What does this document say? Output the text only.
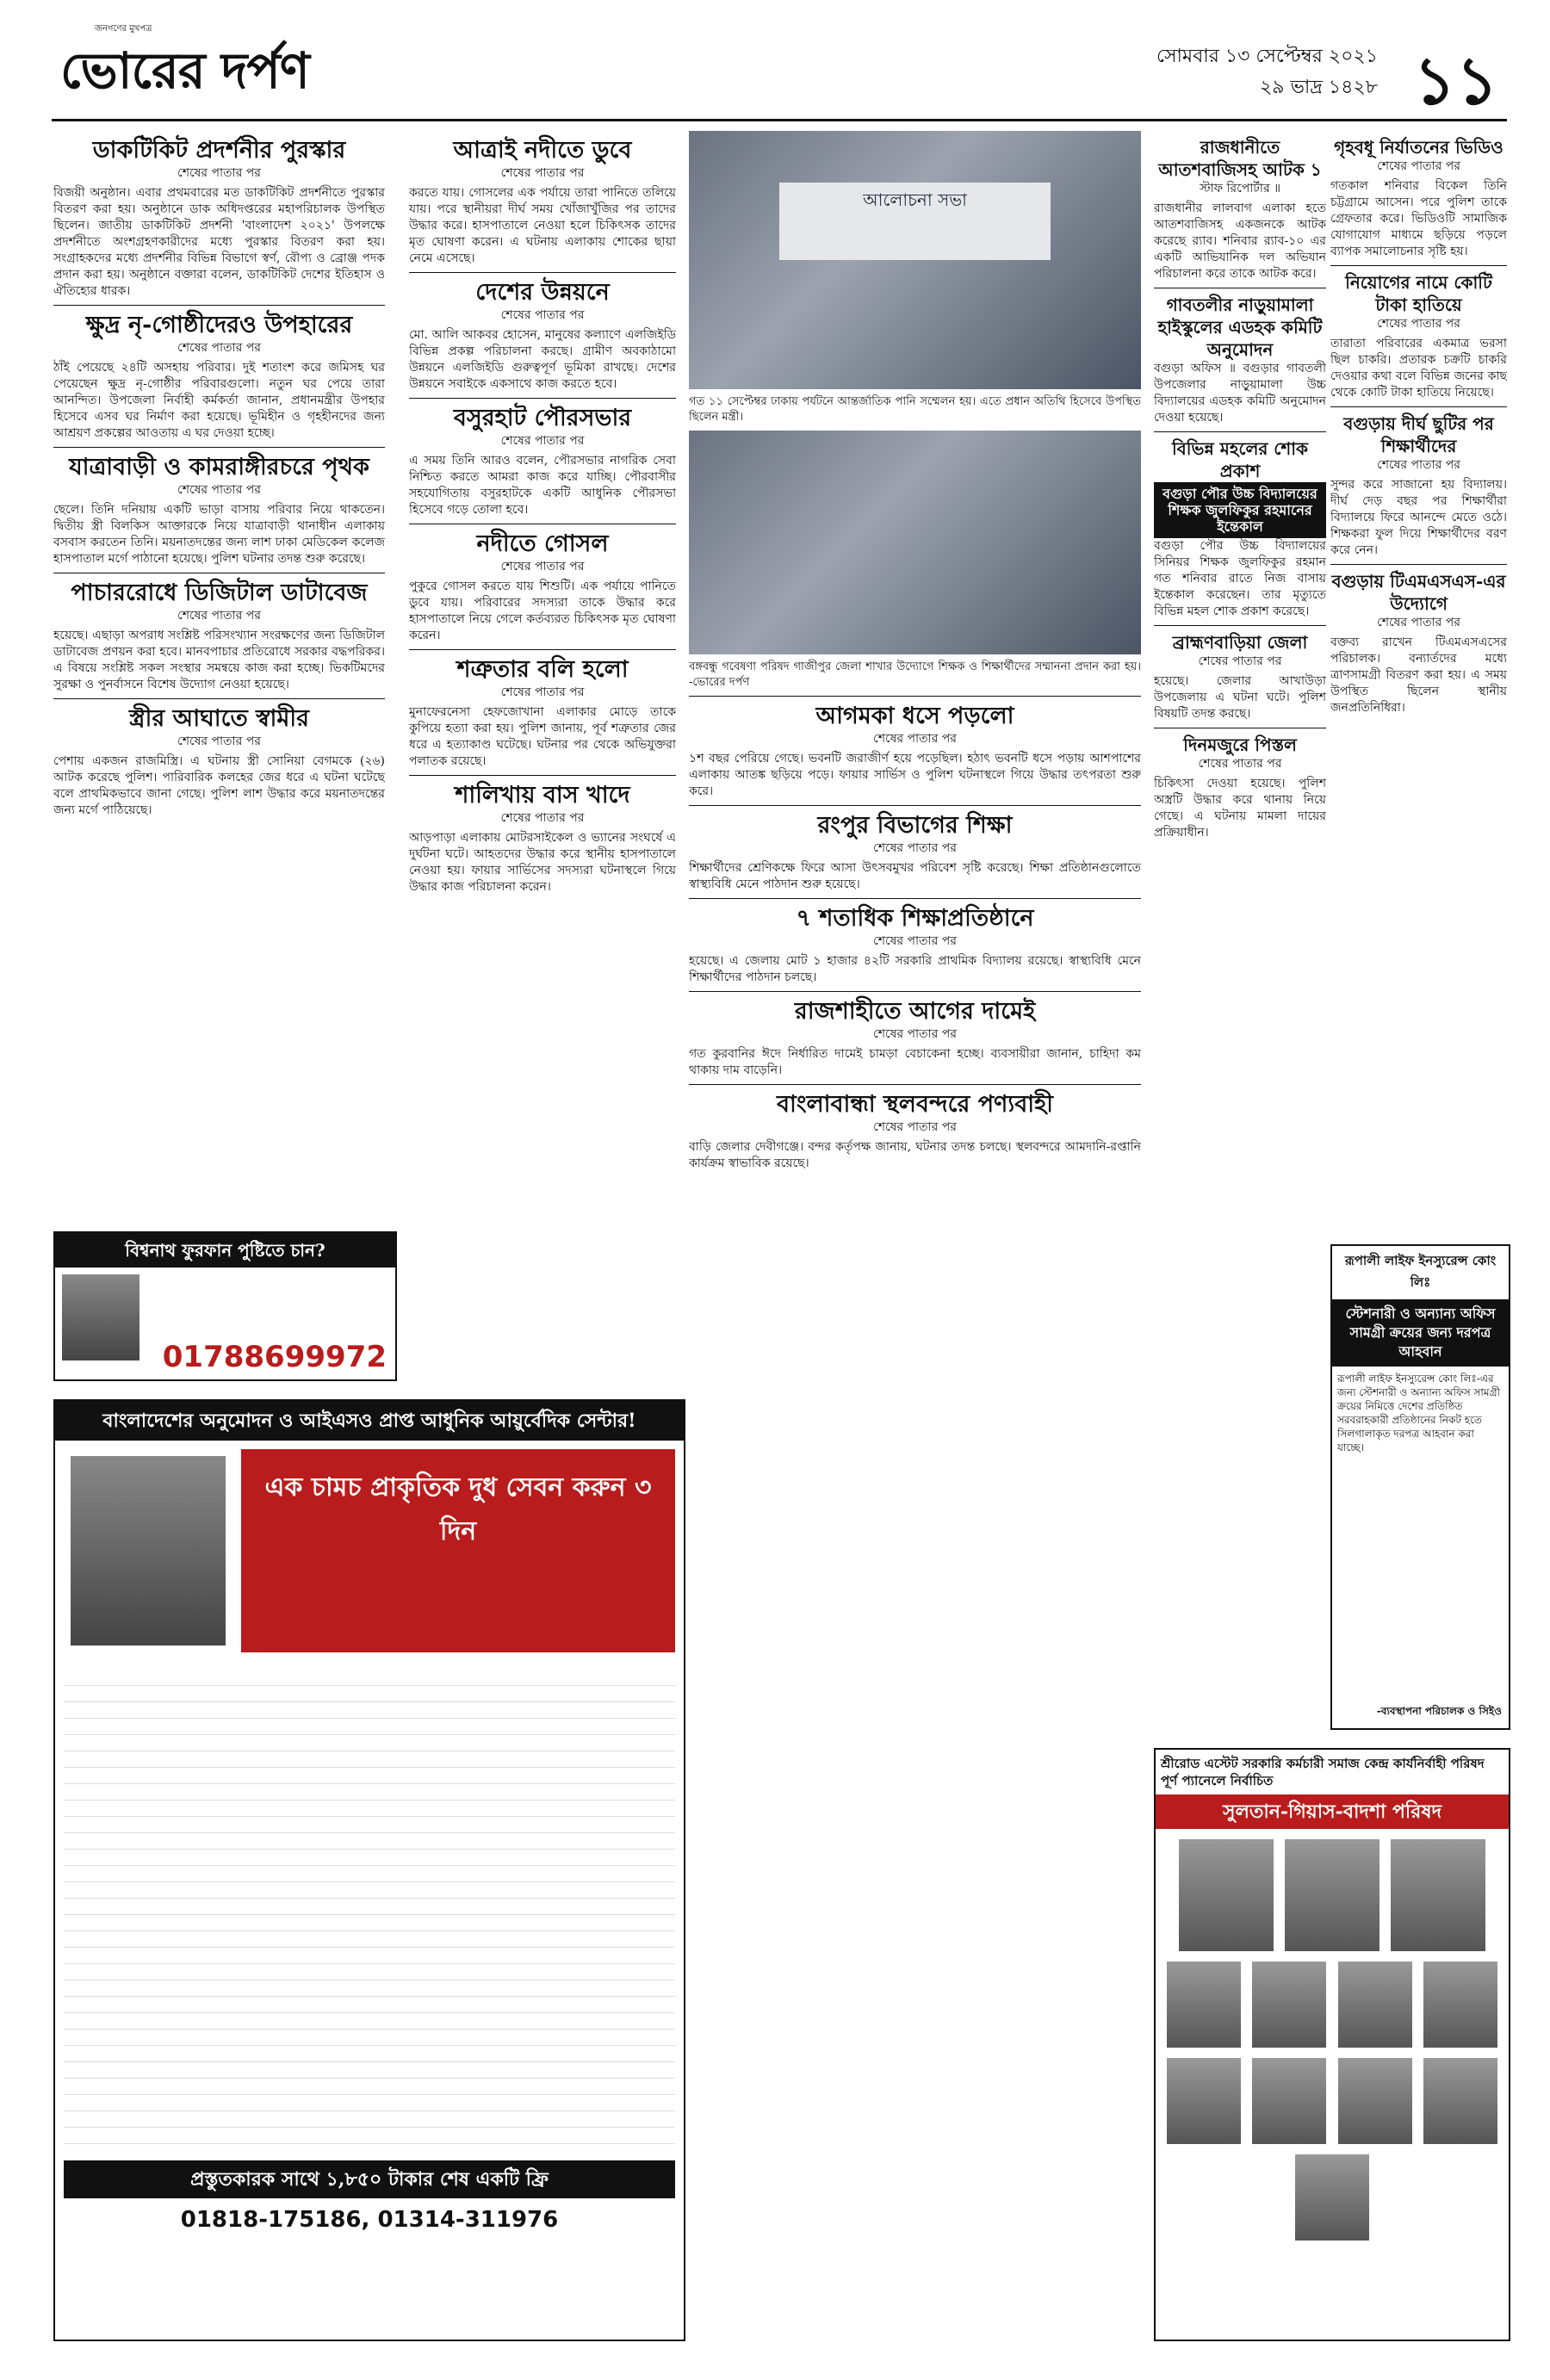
জনগণের মুখপত্র
ভোরের দর্পণ	সোমবার ১৩ সেপ্টেম্বর ২০২১
২৯ ভাদ্র ১৪২৮ ১১
ডাকটিকিট প্রদর্শনীর পুরস্কার
শেষের পাতার পর

বিজয়ী অনুষ্ঠান। এবার প্রথমবারের মত ডাকটিকিট প্রদর্শনীতে পুরস্কার বিতরণ করা হয়। অনুষ্ঠানে ডাক অধিদপ্তরের মহাপরিচালক উপস্থিত ছিলেন। জাতীয় ডাকটিকিট প্রদর্শনী 'বাংলাদেশ ২০২১' উপলক্ষে প্রদর্শনীতে অংশগ্রহণকারীদের মধ্যে পুরস্কার বিতরণ করা হয়। সংগ্রাহকদের মধ্যে প্রদর্শনীর বিভিন্ন বিভাগে স্বর্ণ, রৌপ্য ও ব্রোঞ্জ পদক প্রদান করা হয়। অনুষ্ঠানে বক্তারা বলেন, ডাকটিকিট দেশের ইতিহাস ও ঐতিহ্যের ধারক।

ক্ষুদ্র নৃ-গোষ্ঠীদেরও উপহারের
শেষের পাতার পর

ঠাঁই পেয়েছে ২৪টি অসহায় পরিবার। দুই শতাংশ করে জমিসহ ঘর পেয়েছেন ক্ষুদ্র নৃ-গোষ্ঠীর পরিবারগুলো। নতুন ঘর পেয়ে তারা আনন্দিত। উপজেলা নির্বাহী কর্মকর্তা জানান, প্রধানমন্ত্রীর উপহার হিসেবে এসব ঘর নির্মাণ করা হয়েছে। ভূমিহীন ও গৃহহীনদের জন্য আশ্রয়ণ প্রকল্পের আওতায় এ ঘর দেওয়া হচ্ছে।

যাত্রাবাড়ী ও কামরাঙ্গীরচরে পৃথক
শেষের পাতার পর

ছেলে। তিনি দনিয়ায় একটি ভাড়া বাসায় পরিবার নিয়ে থাকতেন। দ্বিতীয় স্ত্রী বিলকিস আক্তারকে নিয়ে যাত্রাবাড়ী থানাধীন এলাকায় বসবাস করতেন তিনি। ময়নাতদন্তের জন্য লাশ ঢাকা মেডিকেল কলেজ হাসপাতাল মর্গে পাঠানো হয়েছে। পুলিশ ঘটনার তদন্ত শুরু করেছে।

পাচাররোধে ডিজিটাল ডাটাবেজ
শেষের পাতার পর

হয়েছে। এছাড়া অপরাধ সংশ্লিষ্ট পরিসংখ্যান সংরক্ষণের জন্য ডিজিটাল ডাটাবেজ প্রণয়ন করা হবে। মানবপাচার প্রতিরোধে সরকার বদ্ধপরিকর। এ বিষয়ে সংশ্লিষ্ট সকল সংস্থার সমন্বয়ে কাজ করা হচ্ছে। ভিকটিমদের সুরক্ষা ও পুনর্বাসনে বিশেষ উদ্যোগ নেওয়া হয়েছে।

স্ত্রীর আঘাতে স্বামীর
শেষের পাতার পর

পেশায় একজন রাজমিস্ত্রি। এ ঘটনায় স্ত্রী সোনিয়া বেগমকে (২৬) আটক করেছে পুলিশ। পারিবারিক কলহের জের ধরে এ ঘটনা ঘটেছে বলে প্রাথমিকভাবে জানা গেছে। পুলিশ লাশ উদ্ধার করে ময়নাতদন্তের জন্য মর্গে পাঠিয়েছে।

বিশ্বনাথ ফুরফান পুষ্টিতে চান?
01788699972
বাংলাদেশের অনুমোদন ও আইএসও প্রাপ্ত আধুনিক আয়ুর্বেদিক সেন্টার!
এক চামচ প্রাকৃতিক দুধ সেবন করুন ৩ দিন
প্রস্তুতকারক সাথে ১,৮৫০ টাকার শেষ একটি ফ্রি
01818-175186, 01314-311976
আত্রাই নদীতে ডুবে
শেষের পাতার পর

করতে যায়। গোসলের এক পর্যায়ে তারা পানিতে তলিয়ে যায়। পরে স্থানীয়রা দীর্ঘ সময় খোঁজাখুঁজির পর তাদের উদ্ধার করে। হাসপাতালে নেওয়া হলে চিকিৎসক তাদের মৃত ঘোষণা করেন। এ ঘটনায় এলাকায় শোকের ছায়া নেমে এসেছে।

দেশের উন্নয়নে
শেষের পাতার পর

মো. আলি আকবর হোসেন, মানুষের কল্যাণে এলজিইডি বিভিন্ন প্রকল্প পরিচালনা করছে। গ্রামীণ অবকাঠামো উন্নয়নে এলজিইডি গুরুত্বপূর্ণ ভূমিকা রাখছে। দেশের উন্নয়নে সবাইকে একসাথে কাজ করতে হবে।

বসুরহাট পৌরসভার
শেষের পাতার পর

এ সময় তিনি আরও বলেন, পৌরসভার নাগরিক সেবা নিশ্চিত করতে আমরা কাজ করে যাচ্ছি। পৌরবাসীর সহযোগিতায় বসুরহাটকে একটি আধুনিক পৌরসভা হিসেবে গড়ে তোলা হবে।

নদীতে গোসল
শেষের পাতার পর

পুকুরে গোসল করতে যায় শিশুটি। এক পর্যায়ে পানিতে ডুবে যায়। পরিবারের সদস্যরা তাকে উদ্ধার করে হাসপাতালে নিয়ে গেলে কর্তব্যরত চিকিৎসক মৃত ঘোষণা করেন।

শত্রুতার বলি হলো
শেষের পাতার পর

মুনাফেরনেসা হেফজোখানা এলাকার মোড়ে তাকে কুপিয়ে হত্যা করা হয়। পুলিশ জানায়, পূর্ব শত্রুতার জের ধরে এ হত্যাকাণ্ড ঘটেছে। ঘটনার পর থেকে অভিযুক্তরা পলাতক রয়েছে।

শালিখায় বাস খাদে
শেষের পাতার পর

আড়পাড়া এলাকায় মোটরসাইকেল ও ভ্যানের সংঘর্ষে এ দুর্ঘটনা ঘটে। আহতদের উদ্ধার করে স্থানীয় হাসপাতালে নেওয়া হয়। ফায়ার সার্ভিসের সদস্যরা ঘটনাস্থলে গিয়ে উদ্ধার কাজ পরিচালনা করেন।

আলোচনা সভা
গত ১১ সেপ্টেম্বর ঢাকায় পর্যটনে আন্তর্জাতিক পানি সম্মেলন হয়। এতে প্রধান অতিথি হিসেবে উপস্থিত ছিলেন মন্ত্রী।
বঙ্গবন্ধু গবেষণা পরিষদ গাজীপুর জেলা শাখার উদ্যোগে শিক্ষক ও শিক্ষার্থীদের সম্মাননা প্রদান করা হয়। -ভোরের দর্পণ
আগমকা ধসে পড়লো
শেষের পাতার পর

১শ বছর পেরিয়ে গেছে। ভবনটি জরাজীর্ণ হয়ে পড়েছিল। হঠাৎ ভবনটি ধসে পড়ায় আশপাশের এলাকায় আতঙ্ক ছড়িয়ে পড়ে। ফায়ার সার্ভিস ও পুলিশ ঘটনাস্থলে গিয়ে উদ্ধার তৎপরতা শুরু করে।

রংপুর বিভাগের শিক্ষা
শেষের পাতার পর

শিক্ষার্থীদের শ্রেণিকক্ষে ফিরে আসা উৎসবমুখর পরিবেশ সৃষ্টি করেছে। শিক্ষা প্রতিষ্ঠানগুলোতে স্বাস্থ্যবিধি মেনে পাঠদান শুরু হয়েছে।

৭ শতাধিক শিক্ষাপ্রতিষ্ঠানে
শেষের পাতার পর

হয়েছে। এ জেলায় মোট ১ হাজার ৪২টি সরকারি প্রাথমিক বিদ্যালয় রয়েছে। স্বাস্থ্যবিধি মেনে শিক্ষার্থীদের পাঠদান চলছে।

রাজশাহীতে আগের দামেই
শেষের পাতার পর

গত কুরবানির ঈদে নির্ধারিত দামেই চামড়া বেচাকেনা হচ্ছে। ব্যবসায়ীরা জানান, চাহিদা কম থাকায় দাম বাড়েনি।

বাংলাবান্ধা স্থলবন্দরে পণ্যবাহী
শেষের পাতার পর

বাড়ি জেলার দেবীগঞ্জে। বন্দর কর্তৃপক্ষ জানায়, ঘটনার তদন্ত চলছে। স্থলবন্দরে আমদানি-রপ্তানি কার্যক্রম স্বাভাবিক রয়েছে।

রাজধানীতে আতশবাজিসহ আটক ১
স্টাফ রিপোর্টার ॥

রাজধানীর লালবাগ এলাকা হতে আতশবাজিসহ একজনকে আটক করেছে র‍্যাব। শনিবার র‍্যাব-১০ এর একটি আভিযানিক দল অভিযান পরিচালনা করে তাকে আটক করে।

গাবতলীর নাড়ুয়ামালা হাইস্কুলের এডহক কমিটি অনুমোদন

বগুড়া অফিস ॥ বগুড়ার গাবতলী উপজেলার নাড়ুয়ামালা উচ্চ বিদ্যালয়ের এডহক কমিটি অনুমোদন দেওয়া হয়েছে।

বিভিন্ন মহলের শোক প্রকাশ
বগুড়া পৌর উচ্চ বিদ্যালয়ের শিক্ষক জুলফিকুর রহমানের ইন্তেকাল

বগুড়া পৌর উচ্চ বিদ্যালয়ের সিনিয়র শিক্ষক জুলফিকুর রহমান গত শনিবার রাতে নিজ বাসায় ইন্তেকাল করেছেন। তার মৃত্যুতে বিভিন্ন মহল শোক প্রকাশ করেছে।

ব্রাহ্মণবাড়িয়া জেলা
শেষের পাতার পর

হয়েছে। জেলার আখাউড়া উপজেলায় এ ঘটনা ঘটে। পুলিশ বিষয়টি তদন্ত করছে।

দিনমজুরে পিস্তল
শেষের পাতার পর

চিকিৎসা দেওয়া হয়েছে। পুলিশ অস্ত্রটি উদ্ধার করে থানায় নিয়ে গেছে। এ ঘটনায় মামলা দায়ের প্রক্রিয়াধীন।

গৃহবধূ নির্যাতনের ভিডিও
শেষের পাতার পর

গতকাল শনিবার বিকেল তিনি চট্টগ্রামে আসেন। পরে পুলিশ তাকে গ্রেফতার করে। ভিডিওটি সামাজিক যোগাযোগ মাধ্যমে ছড়িয়ে পড়লে ব্যাপক সমালোচনার সৃষ্টি হয়।

নিয়োগের নামে কোটি টাকা হাতিয়ে
শেষের পাতার পর

তারাতা পরিবারের একমাত্র ভরসা ছিল চাকরি। প্রতারক চক্রটি চাকরি দেওয়ার কথা বলে বিভিন্ন জনের কাছ থেকে কোটি টাকা হাতিয়ে নিয়েছে।

বগুড়ায় দীর্ঘ ছুটির পর শিক্ষার্থীদের
শেষের পাতার পর

সুন্দর করে সাজানো হয় বিদ্যালয়। দীর্ঘ দেড় বছর পর শিক্ষার্থীরা বিদ্যালয়ে ফিরে আনন্দে মেতে ওঠে। শিক্ষকরা ফুল দিয়ে শিক্ষার্থীদের বরণ করে নেন।

বগুড়ায় টিএমএসএস-এর উদ্যোগে
শেষের পাতার পর

বক্তব্য রাখেন টিএমএসএসের পরিচালক। বন্যার্তদের মধ্যে ত্রাণসামগ্রী বিতরণ করা হয়। এ সময় উপস্থিত ছিলেন স্থানীয় জনপ্রতিনিধিরা।

রূপালী লাইফ ইনস্যুরেন্স কোং লিঃ
স্টেশনারী ও অন্যান্য অফিস সামগ্রী ক্রয়ের জন্য দরপত্র আহবান

রূপালী লাইফ ইনস্যুরেন্স কোং লিঃ-এর জন্য স্টেশনারী ও অন্যান্য অফিস সামগ্রী ক্রয়ের নিমিত্তে দেশের প্রতিষ্ঠিত সরবরাহকারী প্রতিষ্ঠানের নিকট হতে সিলগালাকৃত দরপত্র আহবান করা যাচ্ছে।

-ব্যবস্থাপনা পরিচালক ও সিইও

শ্রীরোড এস্টেট সরকারি কর্মচারী সমাজ কেন্দ্র কার্যনির্বাহী পরিষদ পূর্ণ প্যানেলে নির্বাচিত

সুলতান-গিয়াস-বাদশা পরিষদ
